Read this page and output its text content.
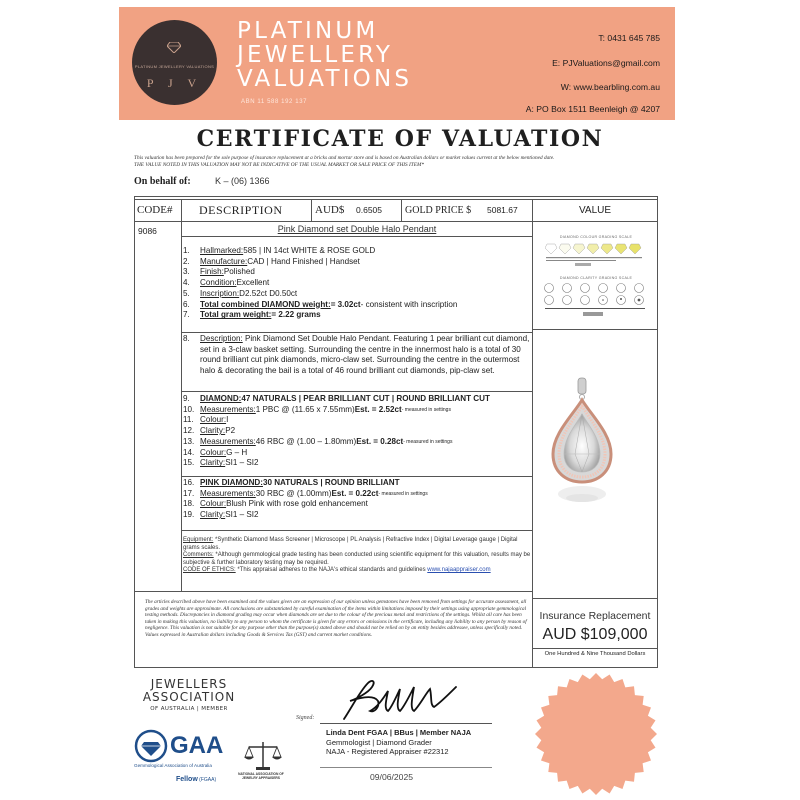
PLATINUM JEWELLERY VALUATIONS
P J V
PLATINUM
JEWELLERY
VALUATIONS
ABN 11 588 192 137
T: 0431 645 785
E: PJValuations@gmail.com
W: www.bearbling.com.au
A: PO Box 1511 Beenleigh @ 4207
CERTIFICATE OF VALUATION
This valuation has been prepared for the sole purpose of insurance replacement at a bricks and mortar store and is based on Australian dollars or market values current at the below mentioned date.
THE VALUE NOTED IN THIS VALUATION MAY NOT BE INDICATIVE OF THE USUAL MARKET OR SALE PRICE OF THIS ITEM*
On behalf of:	K – (06) 1366
CODE# DESCRIPTION	AUD$ 0.6505 GOLD PRICE $ 5081.67	VALUE
9086	Pink Diamond set Double Halo Pendant
1.	Hallmarked: 585 | IN 14ct WHITE & ROSE GOLD
2.	Manufacture: CAD | Hand Finished | Handset
3.	Finish: Polished
4.	Condition: Excellent
5.	Inscription: D2.52ct D0.50ct
6.	Total combined DIAMOND weight: = 3.02ct - consistent with inscription
7.	Total gram weight: = 2.22 grams
8.	Description: Pink Diamond Set Double Halo Pendant. Featuring 1 pear brilliant cut diamond, set in a 3-claw basket setting. Surrounding the centre in the innermost halo is a total of 30 round brilliant cut pink diamonds, micro-claw set. Surrounding the centre in the outermost halo & decorating the bail is a total of 46 round brilliant cut diamonds, pip-claw set.
9.	DIAMOND: 47 NATURALS | PEAR BRILLIANT CUT | ROUND BRILLIANT CUT
10. Measurements: 1 PBC @ (11.65 x 7.55mm) Est. = 2.52ct - measured in settings
11. Colour: I
12. Clarity: P2
13. Measurements: 46 RBC @ (1.00 – 1.80mm) Est. = 0.28ct - measured in settings
14. Colour: G – H
15. Clarity: SI1 – SI2
16. PINK DIAMOND: 30 NATURALS | ROUND BRILLIANT
17. Measurements: 30 RBC @ (1.00mm) Est. = 0.22ct - measured in settings
18. Colour: Blush Pink with rose gold enhancement
19. Clarity: SI1 – SI2
Equipment: *Synthetic Diamond Mass Screener | Microscope | PL Analysis | Refractive Index | Digital Leverage gauge | Digital grams scales.
Comments: *Although gemmological grade testing has been conducted using scientific equipment for this valuation, results may be subjective & further laboratory testing may be required.
CODE OF ETHICS: *This appraisal adheres to the NAJA's ethical standards and guidelines www.najaappraiser.com
DIAMOND COLOUR GRADING SCALE
DIAMOND CLARITY GRADING SCALE
The articles described above have been examined and the values given are an expression of our opinion unless gemstones have been removed from settings for accurate assessment, all grades and weights are approximate. All conclusions are substantiated by careful examination of the items within limitations imposed by their settings using appropriate gemmological testing methods. Discrepancies in diamond grading may occur when diamonds are set due to the colour of the precious metal and restrictions of the settings. Whilst all care has been taken in making this valuation, no liability to any person to whom the certificate is given for any errors or omissions in the certificate, including any liability to any person by reason of negligence. This valuation is not suitable for any purpose other than the purpose(s) stated above and should not be relied on by an entity besides addressee, unless specifically noted. Values expressed in Australian dollars including Goods & Services Tax (GST) and current market conditions.
Insurance Replacement
AUD $109,000
One Hundred & Nine Thousand Dollars
JEWELLERS
ASSOCIATION
OF AUSTRALIA | MEMBER
GAA
Gemmological Association of Australia
Fellow (FGAA)
NATIONAL ASSOCIATION OF JEWELRY APPRAISERS
Signed:
Linda Dent FGAA | BBus | Member NAJA
Gemmologist | Diamond Grader
NAJA - Registered Appraiser #22312
09/06/2025
